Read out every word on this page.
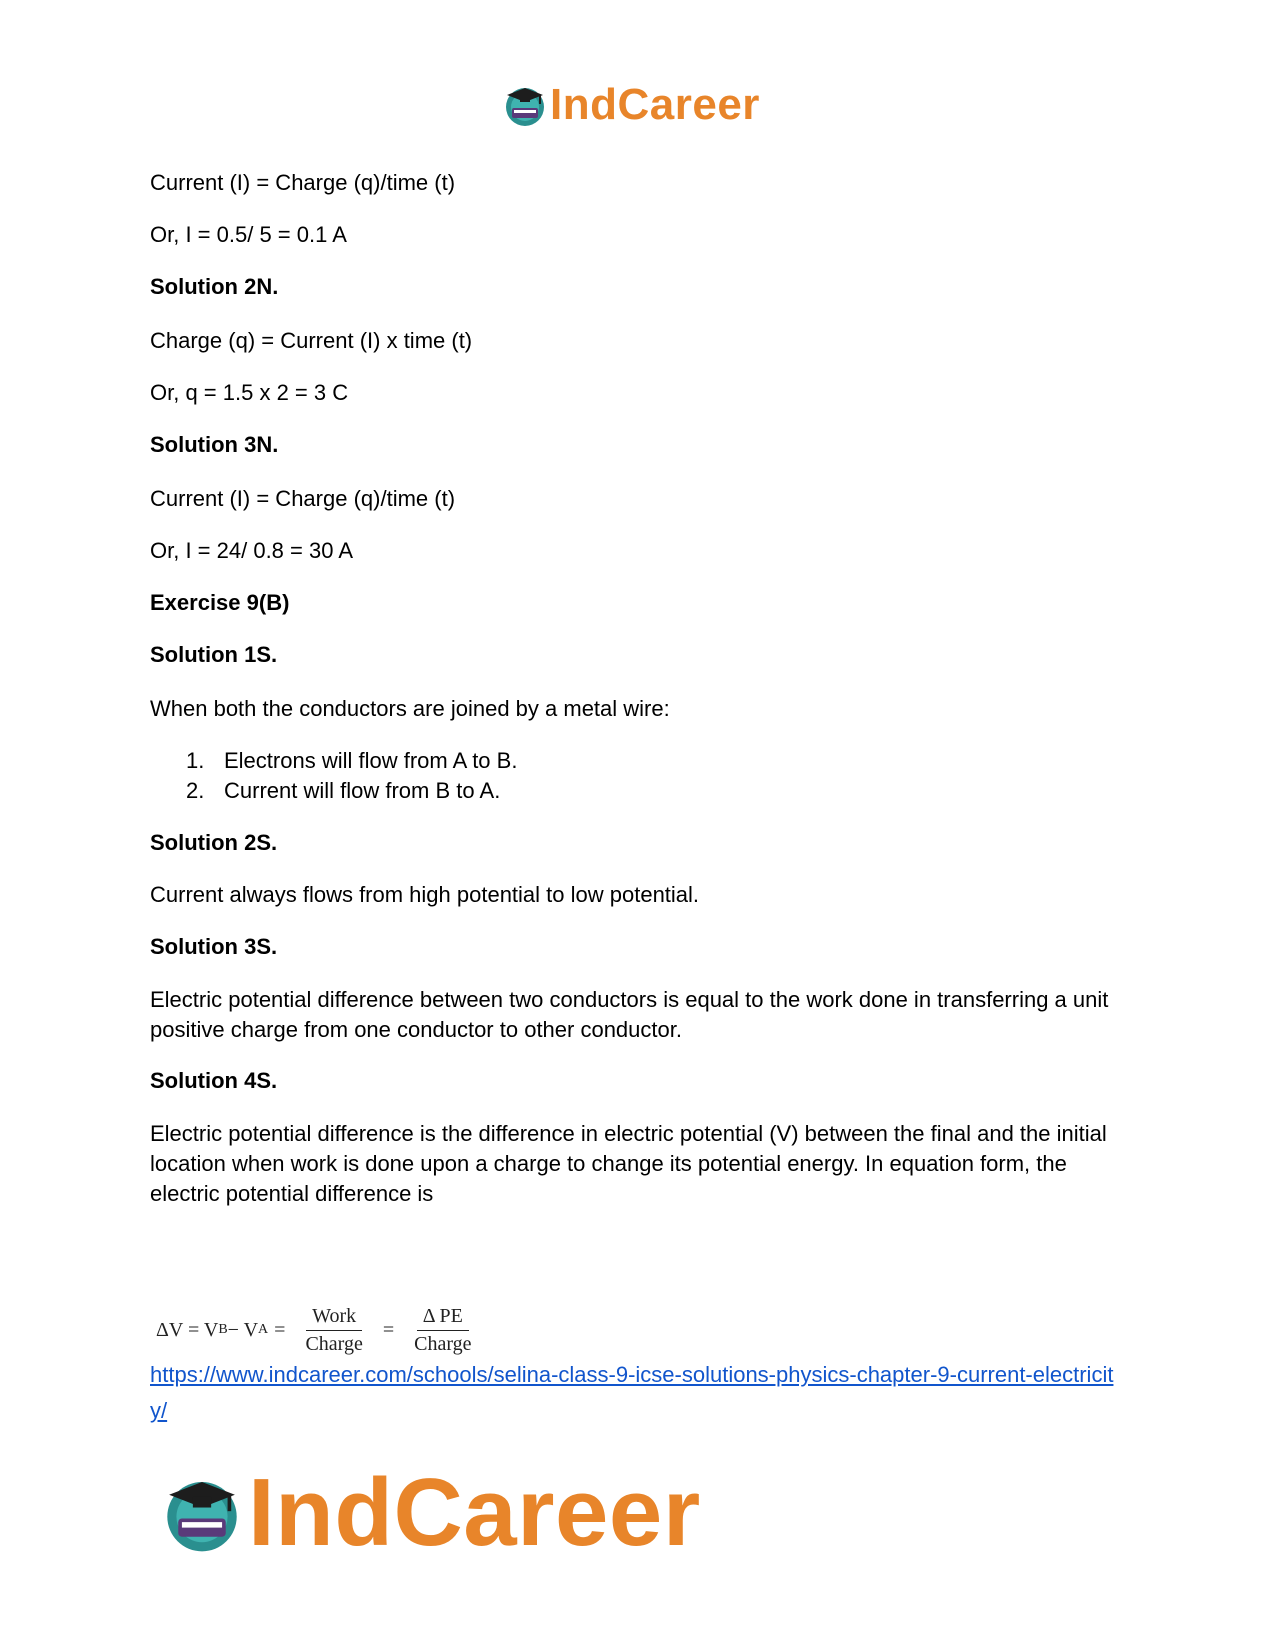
IndCareer
Current (I) = Charge (q)/time (t)
Or, I = 0.5/ 5 = 0.1 A
Solution 2N.
Charge (q) = Current (I) x time (t)
Or, q = 1.5 x 2 = 3 C
Solution 3N.
Current (I) = Charge (q)/time (t)
Or, I = 24/ 0.8 = 30 A
Exercise 9(B)
Solution 1S.
When both the conductors are joined by a metal wire:
1. Electrons will flow from A to B.
2. Current will flow from B to A.
Solution 2S.
Current always flows from high potential to low potential.
Solution 3S.
Electric potential difference between two conductors is equal to the work done in transferring a unit positive charge from one conductor to other conductor.
Solution 4S.
Electric potential difference is the difference in electric potential (V) between the final and the initial location when work is done upon a charge to change its potential energy. In equation form, the electric potential difference is
ΔV = V B − V $A = \frac{\text{Work}}{\text{Charge}} = \frac{\text{Δ PE}}{\text{Charge}}$
https://www.indcareer.com/schools/selina-class-9-icse-solutions-physics-chapter-9-current-electricity/
IndCareer
